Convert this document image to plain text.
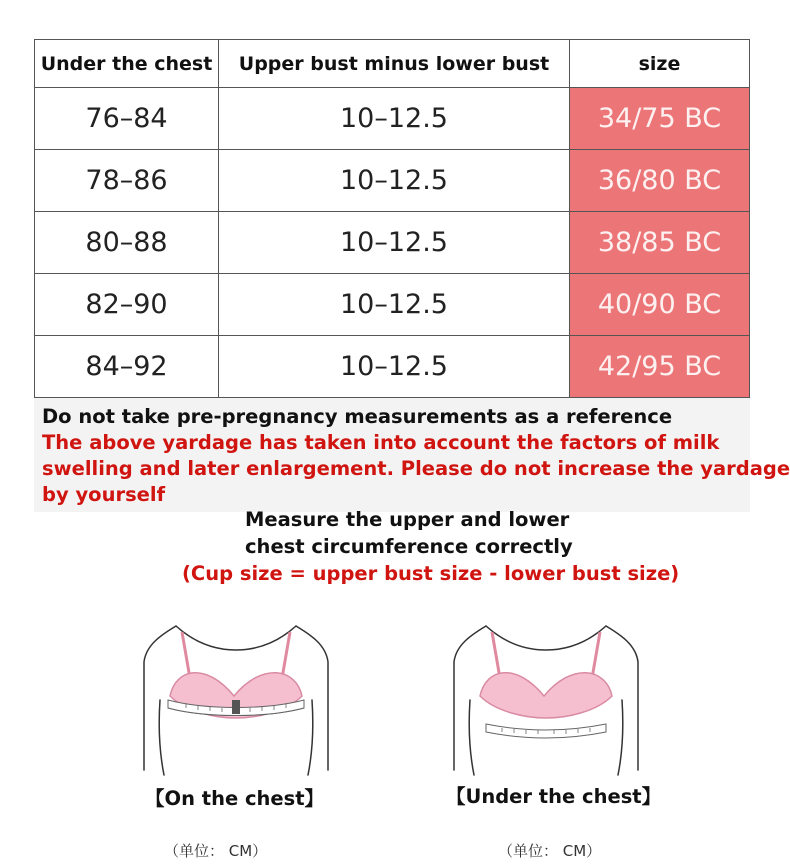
Under the chest	Upper bust minus lower bust	size
76–84	10–12.5	34/75 BC
78–86	10–12.5	36/80 BC
80–88	10–12.5	38/85 BC
82–90	10–12.5	40/90 BC
84–92	10–12.5	42/95 BC
Do not take pre-pregnancy measurements as a reference
The above yardage has taken into account the factors of milk
swelling and later enlargement. Please do not increase the yardage
by yourself
Measure the upper and lower
chest circumference correctly
(Cup size = upper bust size - lower bust size)
【On the chest】
（单位： CM）
【Under the chest】
（单位： CM）
